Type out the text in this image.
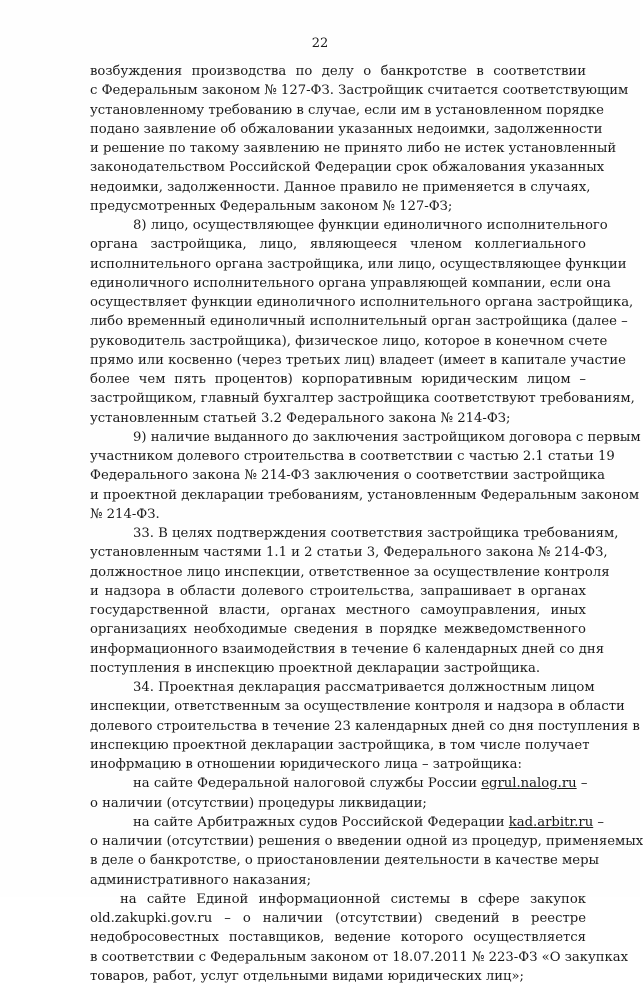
22
возбуждения производства по делу о банкротстве в соответствии
с Федеральным законом № 127-ФЗ. Застройщик считается соответствующим
установленному требованию в случае, если им в установленном порядке
подано заявление об обжаловании указанных недоимки, задолженности
и решение по такому заявлению не принято либо не истек установленный
законодательством Российской Федерации срок обжалования указанных
недоимки, задолженности. Данное правило не применяется в случаях,
предусмотренных Федеральным законом № 127-ФЗ;
8) лицо, осуществляющее функции единоличного исполнительного
органа застройщика, лицо, являющееся членом коллегиального
исполнительного органа застройщика, или лицо, осуществляющее функции
единоличного исполнительного органа управляющей компании, если она
осуществляет функции единоличного исполнительного органа застройщика,
либо временный единоличный исполнительный орган застройщика (далее –
руководитель застройщика), физическое лицо, которое в конечном счете
прямо или косвенно (через третьих лиц) владеет (имеет в капитале участие
более чем пять процентов) корпоративным юридическим лицом –
застройщиком, главный бухгалтер застройщика соответствуют требованиям,
установленным статьей 3.2 Федерального закона № 214-ФЗ;
9) наличие выданного до заключения застройщиком договора с первым
участником долевого строительства в соответствии с частью 2.1 статьи 19
Федерального закона № 214-ФЗ заключения о соответствии застройщика
и проектной декларации требованиям, установленным Федеральным законом
№ 214-ФЗ.
33. В целях подтверждения соответствия застройщика требованиям,
установленным частями 1.1 и 2 статьи 3, Федерального закона № 214-ФЗ,
должностное лицо инспекции, ответственное за осуществление контроля
и надзора в области долевого строительства, запрашивает в органах
государственной власти, органах местного самоуправления, иных
организациях необходимые сведения в порядке межведомственного
информационного взаимодействия в течение 6 календарных дней со дня
поступления в инспекцию проектной декларации застройщика.
34. Проектная декларация рассматривается должностным лицом
инспекции, ответственным за осуществление контроля и надзора в области
долевого строительства в течение 23 календарных дней со дня поступления в
инспекцию проектной декларации застройщика, в том числе получает
инофрмацию в отношении юридического лица – затройщика:
на сайте Федеральной налоговой службы России egrul.nalog.ru –
о наличии (отсутствии) процедуры ликвидации;
на сайте Арбитражных судов Российской Федерации kad.arbitr.ru –
о наличии (отсутствии) решения о введении одной из процедур, применяемых
в деле о банкротстве, о приостановлении деятельности в качестве меры
административного наказания;
на сайте Единой информационной системы в сфере закупок
old.zakupki.gov.ru – о наличии (отсутствии) сведений в реестре
недобросовестных поставщиков, ведение которого осуществляется
в соответствии с Федеральным законом от 18.07.2011 № 223-ФЗ «О закупках
товаров, работ, услуг отдельными видами юридических лиц»;
